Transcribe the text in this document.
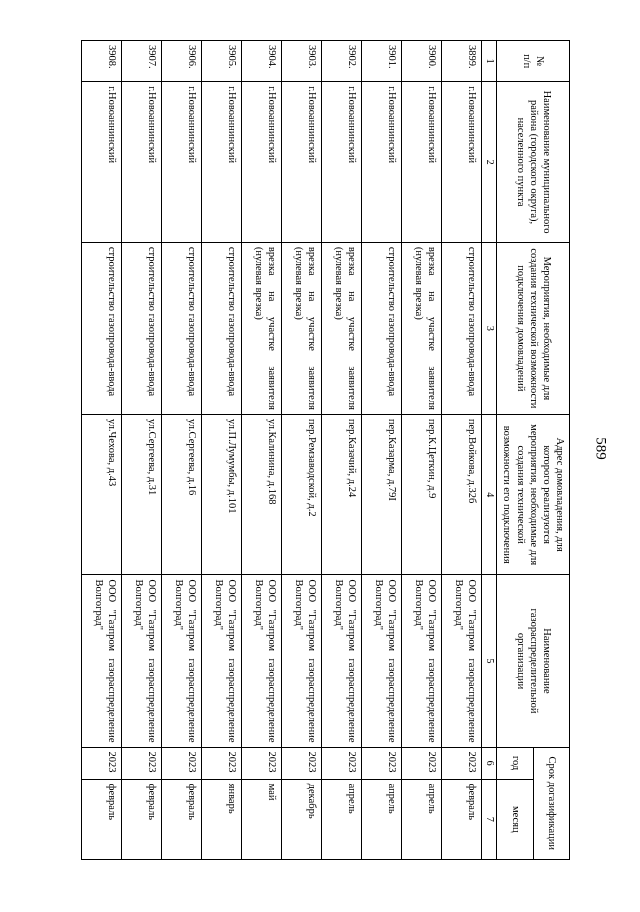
589
№
п/п	Наименование муниципального района (городского округа), населенного пункта	Мероприятия, необходимые для создания технической возможности подключения домовладений	Адрес домовладения, для которого реализуются мероприятия, необходимые для создания технической возможности его подключения	Наименование газораспределительной организации	Срок догазификации	
					год	месяц
1	2	3	4	5	6	7
3899.	г.Новоаннинский	строительство газопровода-ввода	пер.Войкова, д.32б	ООО "Газпром газораспределение Волгоград"	2023	февраль
3900.	г.Новоаннинский	врезка на участке заявителя (нулевая врезка)	пер.К.Цеткин, д.9	ООО "Газпром газораспределение Волгоград"	2023	апрель
3901.	г.Новоаннинский	строительство газопровода-ввода	пер.Казарма, д.79I	ООО "Газпром газораспределение Волгоград"	2023	апрель
3902.	г.Новоаннинский	врезка на участке заявителя (нулевая врезка)	пер.Казачий, д.24	ООО "Газпром газораспределение Волгоград"	2023	апрель
3903.	г.Новоаннинский	врезка на участке заявителя (нулевая врезка)	пер.Ремзаводской, д.2	ООО "Газпром газораспределение Волгоград"	2023	декабрь
3904.	г.Новоаннинский	врезка на участке заявителя (нулевая врезка)	ул.Калинина, д.168	ООО "Газпром газораспределение Волгоград"	2023	май
3905.	г.Новоаннинский	строительство газопровода-ввода	ул.П.Лумумбы, д.101	ООО "Газпром газораспределение Волгоград"	2023	январь
3906.	г.Новоаннинский	строительство газопровода-ввода	ул.Сергеева, д.16	ООО "Газпром газораспределение Волгоград"	2023	февраль
3907.	г.Новоаннинский	строительство газопровода-ввода	ул.Сергеева, д.31	ООО "Газпром газораспределение Волгоград"	2023	февраль
3908.	г.Новоаннинский	строительство газопровода-ввода	ул.Чехова, д.43	ООО "Газпром газораспределение Волгоград"	2023	февраль
